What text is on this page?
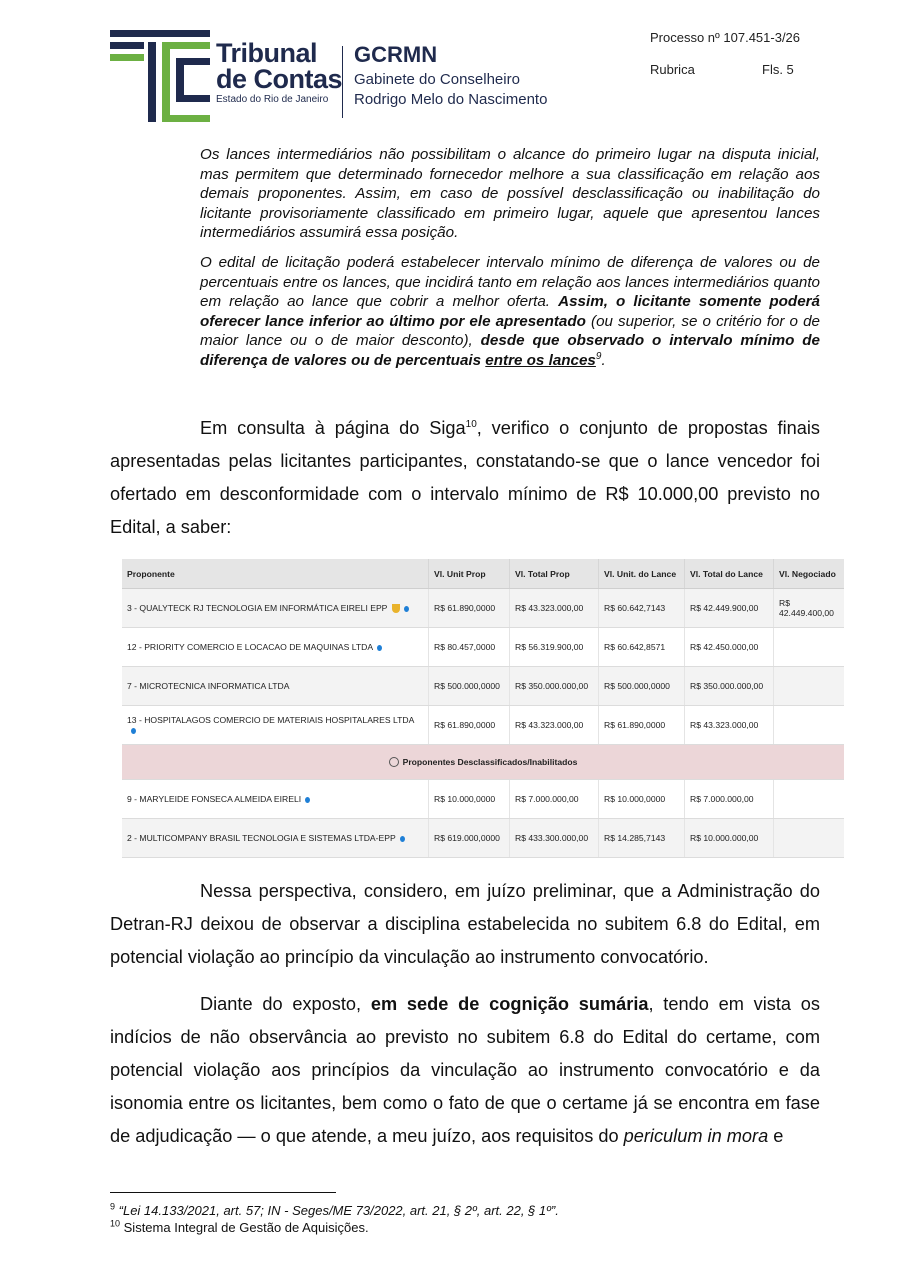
Tribunal
de Contas
Estado do Rio de Janeiro
GCRMN
Gabinete do Conselheiro
Rodrigo Melo do Nascimento
Processo nº 107.451-3/26
Rubrica	Fls. 5
Os lances intermediários não possibilitam o alcance do primeiro lugar na disputa inicial, mas permitem que determinado fornecedor melhore a sua classificação em relação aos demais proponentes. Assim, em caso de possível desclassificação ou inabilitação do licitante provisoriamente classificado em primeiro lugar, aquele que apresentou lances intermediários assumirá essa posição.
O edital de licitação poderá estabelecer intervalo mínimo de diferença de valores ou de percentuais entre os lances, que incidirá tanto em relação aos lances intermediários quanto em relação ao lance que cobrir a melhor oferta. Assim, o licitante somente poderá oferecer lance inferior ao último por ele apresentado (ou superior, se o critério for o de maior lance ou o de maior desconto), desde que observado o intervalo mínimo de diferença de valores ou de percentuais entre os lances$^9$.
Em consulta à página do Siga$^{10}$, verifico o conjunto de propostas finais apresentadas pelas licitantes participantes, constatando-se que o lance vencedor foi ofertado em desconformidade com o intervalo mínimo de R$ 10.000,00 previsto no Edital, a saber:
Proponente	Vl. Unit Prop	Vl. Total Prop	Vl. Unit. do Lance	Vl. Total do Lance	Vl. Negociado
3 - QUALYTECK RJ TECNOLOGIA EM INFORMÁTICA EIRELI EPP	R$ 61.890,0000	R$ 43.323.000,00	R$ 60.642,7143	R$ 42.449.900,00	R$ 42.449.400,00
12 - PRIORITY COMERCIO E LOCACAO DE MAQUINAS LTDA	R$ 80.457,0000	R$ 56.319.900,00	R$ 60.642,8571	R$ 42.450.000,00	
7 - MICROTECNICA INFORMATICA LTDA	R$ 500.000,0000	R$ 350.000.000,00	R$ 500.000,0000	R$ 350.000.000,00	
13 - HOSPITALAGOS COMERCIO DE MATERIAIS HOSPITALARES LTDA	R$ 61.890,0000	R$ 43.323.000,00	R$ 61.890,0000	R$ 43.323.000,00	
Proponentes Desclassificados/Inabilitados					
9 - MARYLEIDE FONSECA ALMEIDA EIRELI	R$ 10.000,0000	R$ 7.000.000,00	R$ 10.000,0000	R$ 7.000.000,00	
2 - MULTICOMPANY BRASIL TECNOLOGIA E SISTEMAS LTDA-EPP	R$ 619.000,0000	R$ 433.300.000,00	R$ 14.285,7143	R$ 10.000.000,00	
Nessa perspectiva, considero, em juízo preliminar, que a Administração do Detran-RJ deixou de observar a disciplina estabelecida no subitem 6.8 do Edital, em potencial violação ao princípio da vinculação ao instrumento convocatório.
Diante do exposto, em sede de cognição sumária, tendo em vista os indícios de não observância ao previsto no subitem 6.8 do Edital do certame, com potencial violação aos princípios da vinculação ao instrumento convocatório e da isonomia entre os licitantes, bem como o fato de que o certame já se encontra em fase de adjudicação — o que atende, a meu juízo, aos requisitos do periculum in mora e
$^9$ “Lei 14.133/2021, art. 57; IN - Seges/ME 73/2022, art. 21, § 2º, art. 22, § 1º”.
$^{10}$ Sistema Integral de Gestão de Aquisições.
